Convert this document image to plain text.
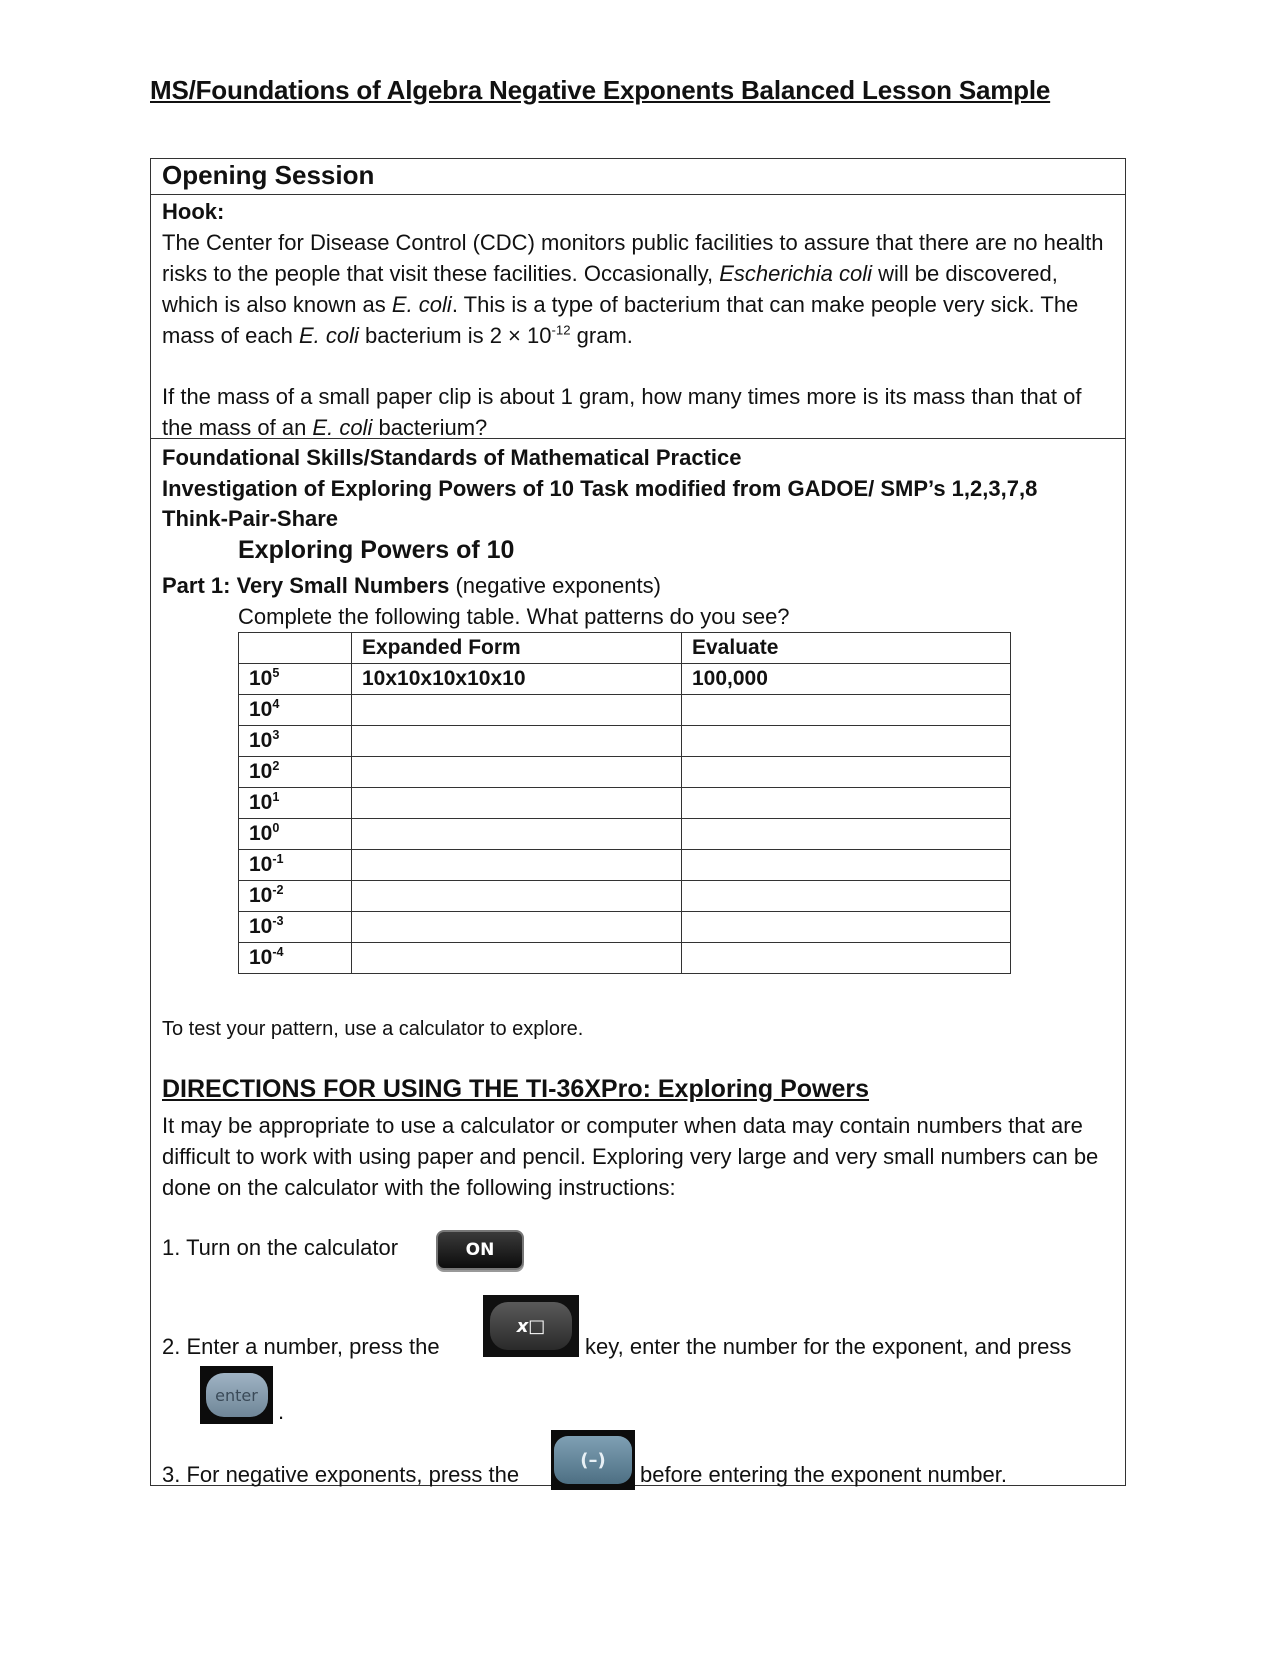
MS/Foundations of Algebra Negative Exponents Balanced Lesson Sample
Opening Session
Hook:
The Center for Disease Control (CDC) monitors public facilities to assure that there are no health risks to the people that visit these facilities. Occasionally, Escherichia coli will be discovered, which is also known as E. coli. This is a type of bacterium that can make people very sick. The mass of each E. coli bacterium is $2 \times 10^{-12}$ gram.
If the mass of a small paper clip is about 1 gram, how many times more is its mass than that of the mass of an E. coli bacterium?
Foundational Skills/Standards of Mathematical Practice
Investigation of Exploring Powers of 10 Task modified from GADOE/ SMP’s 1,2,3,7,8
Think-Pair-Share
Exploring Powers of 10
Part 1: Very Small Numbers (negative exponents)
Complete the following table. What patterns do you see?
	Expanded Form	Evaluate
$10^5$	10x10x10x10x10	100,000
$10^4$		
$10^3$		
$10^2$		
$10^1$		
$10^0$		
$10^{-1}$		
$10^{-2}$		
$10^{-3}$		
$10^{-4}$		
To test your pattern, use a calculator to explore.
DIRECTIONS FOR USING THE TI-36XPro: Exploring Powers
It may be appropriate to use a calculator or computer when data may contain numbers that are difficult to work with using paper and pencil. Exploring very large and very small numbers can be done on the calculator with the following instructions:
1. Turn on the calculator	ON
2. Enter a number, press the
x□
key, enter the number for the exponent, and press
enter
.
3. For negative exponents, press the
(–)
before entering the exponent number.
